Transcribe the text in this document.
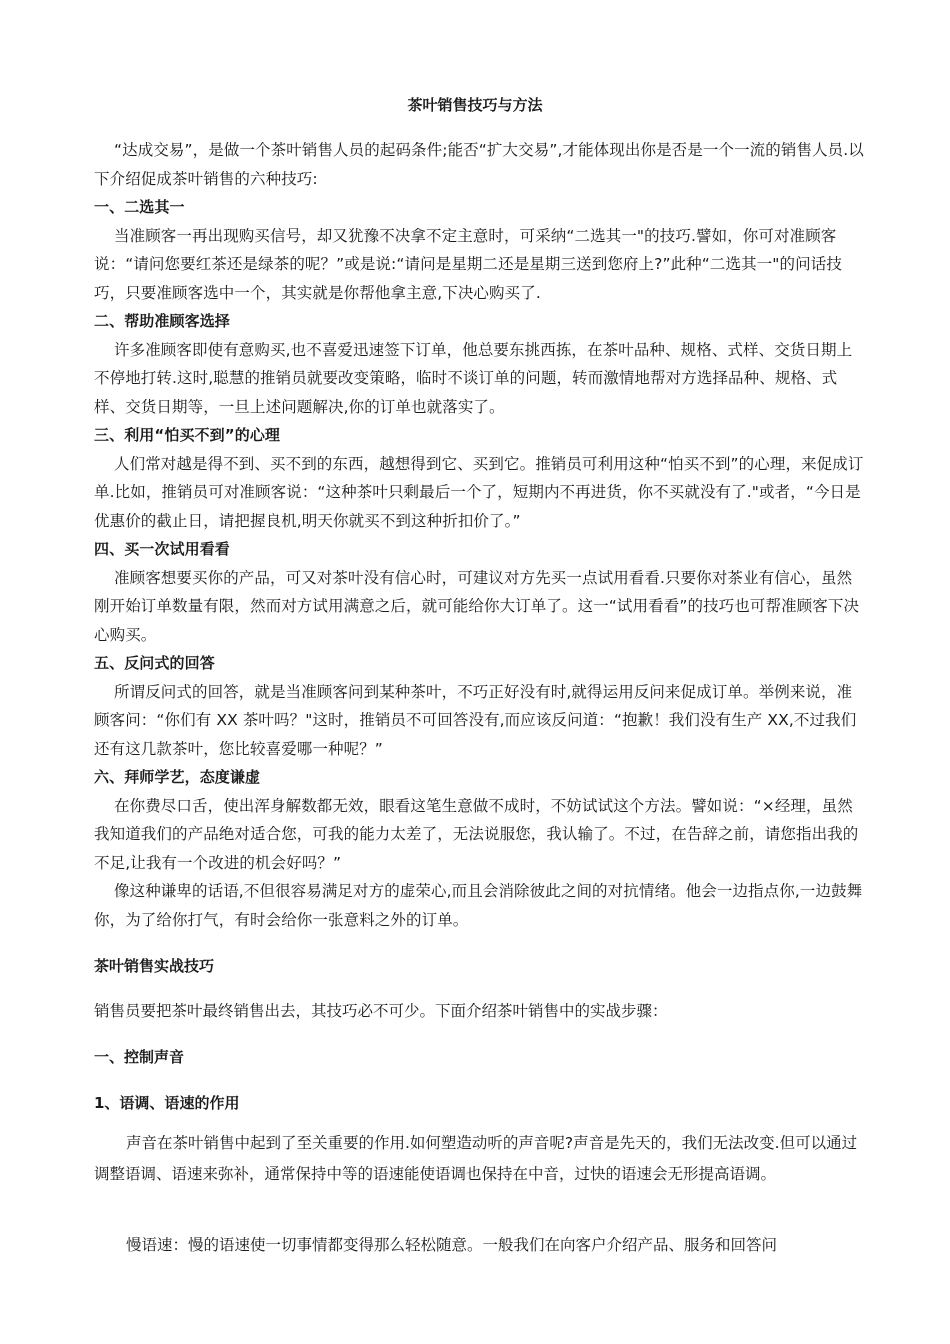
茶叶销售技巧与方法

“达成交易”，是做一个茶叶销售人员的起码条件;能否“扩大交易”,才能体现出你是否是一个一流的销售人员.以下介绍促成茶叶销售的六种技巧:

一、二选其一

当准顾客一再出现购买信号，却又犹豫不决拿不定主意时，可采纳“二选其一"的技巧.譬如，你可对准顾客说：“请问您要红茶还是绿茶的呢？”或是说:“请问是星期二还是星期三送到您府上?”此种“二选其一"的问话技巧，只要准顾客选中一个，其实就是你帮他拿主意,下决心购买了.

二、帮助准顾客选择

许多准顾客即使有意购买,也不喜爱迅速签下订单，他总要东挑西拣，在茶叶品种、规格、式样、交货日期上不停地打转.这时,聪慧的推销员就要改变策略，临时不谈订单的问题，转而激情地帮对方选择品种、规格、式样、交货日期等，一旦上述问题解决,你的订单也就落实了。

三、利用“怕买不到”的心理

人们常对越是得不到、买不到的东西，越想得到它、买到它。推销员可利用这种“怕买不到”的心理，来促成订单.比如，推销员可对准顾客说：“这种茶叶只剩最后一个了，短期内不再进货，你不买就没有了."或者，“今日是优惠价的截止日，请把握良机,明天你就买不到这种折扣价了。”

四、买一次试用看看

准顾客想要买你的产品，可又对茶叶没有信心时，可建议对方先买一点试用看看.只要你对茶业有信心，虽然刚开始订单数量有限，然而对方试用满意之后，就可能给你大订单了。这一“试用看看”的技巧也可帮准顾客下决心购买。

五、反问式的回答

所谓反问式的回答，就是当准顾客问到某种茶叶，不巧正好没有时,就得运用反问来促成订单。举例来说，准顾客问：“你们有 XX 茶叶吗？"这时，推销员不可回答没有,而应该反问道：“抱歉！我们没有生产 XX,不过我们还有这几款茶叶，您比较喜爱哪一种呢？”

六、拜师学艺，态度谦虚

在你费尽口舌，使出浑身解数都无效，眼看这笔生意做不成时，不妨试试这个方法。譬如说：“×经理，虽然我知道我们的产品绝对适合您，可我的能力太差了，无法说服您，我认输了。不过，在告辞之前，请您指出我的不足,让我有一个改进的机会好吗？”

像这种谦卑的话语,不但很容易满足对方的虚荣心,而且会消除彼此之间的对抗情绪。他会一边指点你,一边鼓舞你，为了给你打气，有时会给你一张意料之外的订单。

茶叶销售实战技巧

销售员要把茶叶最终销售出去，其技巧必不可少。下面介绍茶叶销售中的实战步骤：

一、控制声音

1、语调、语速的作用

声音在茶叶销售中起到了至关重要的作用.如何塑造动听的声音呢?声音是先天的，我们无法改变.但可以通过调整语调、语速来弥补，通常保持中等的语速能使语调也保持在中音，过快的语速会无形提高语调。

慢语速：慢的语速使一切事情都变得那么轻松随意。一般我们在向客户介绍产品、服务和回答问
